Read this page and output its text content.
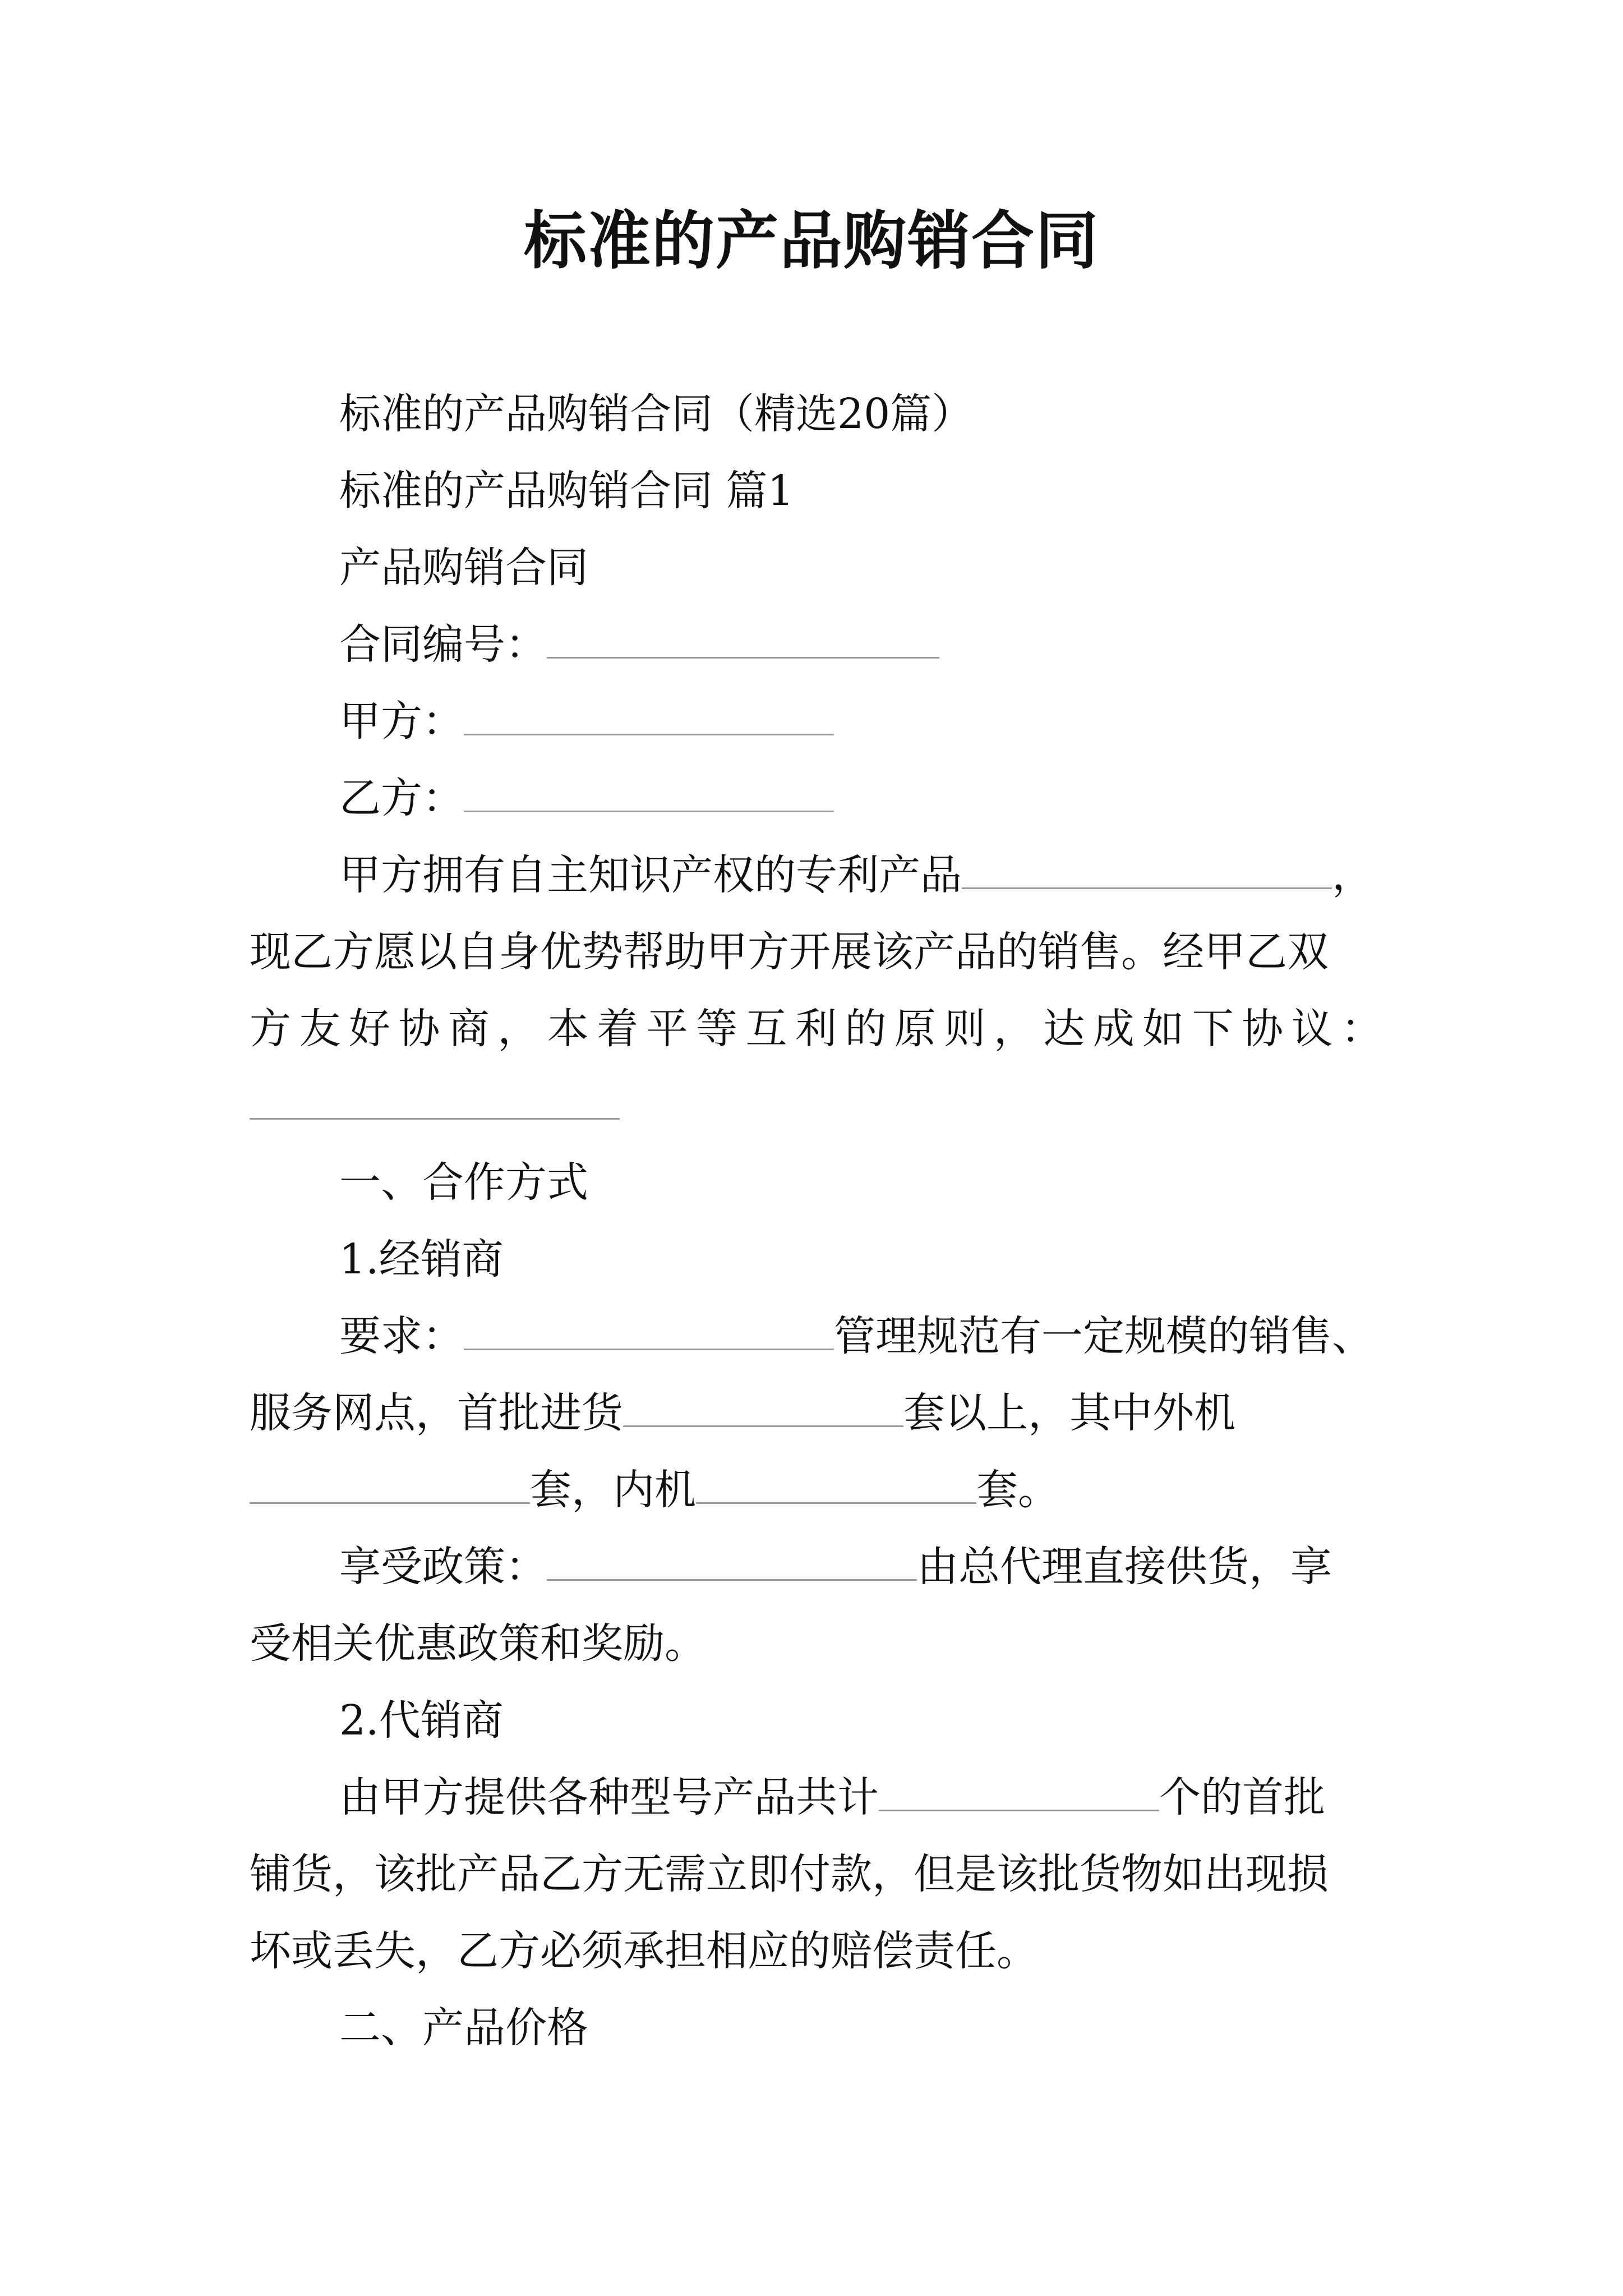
标准的产品购销合同

标准的产品购销合同（精选20篇）

标准的产品购销合同 篇1

产品购销合同

合同编号：

甲方：

乙方：

甲方拥有自主知识产权的专利产品	，

现乙方愿以自身优势帮助甲方开展该产品的销售。经甲乙双

方友好协商，本着平等互利的原则，达成如下协议：

一、合作方式

1.经销商

要求：	管理规范有一定规模的销售、

服务网点，首批进货	套以上，其中外机

套，内机	套。

享受政策：	由总代理直接供货，享

受相关优惠政策和奖励。

2.代销商

由甲方提供各种型号产品共计	个的首批

铺货，该批产品乙方无需立即付款，但是该批货物如出现损

坏或丢失，乙方必须承担相应的赔偿责任。

二、产品价格
